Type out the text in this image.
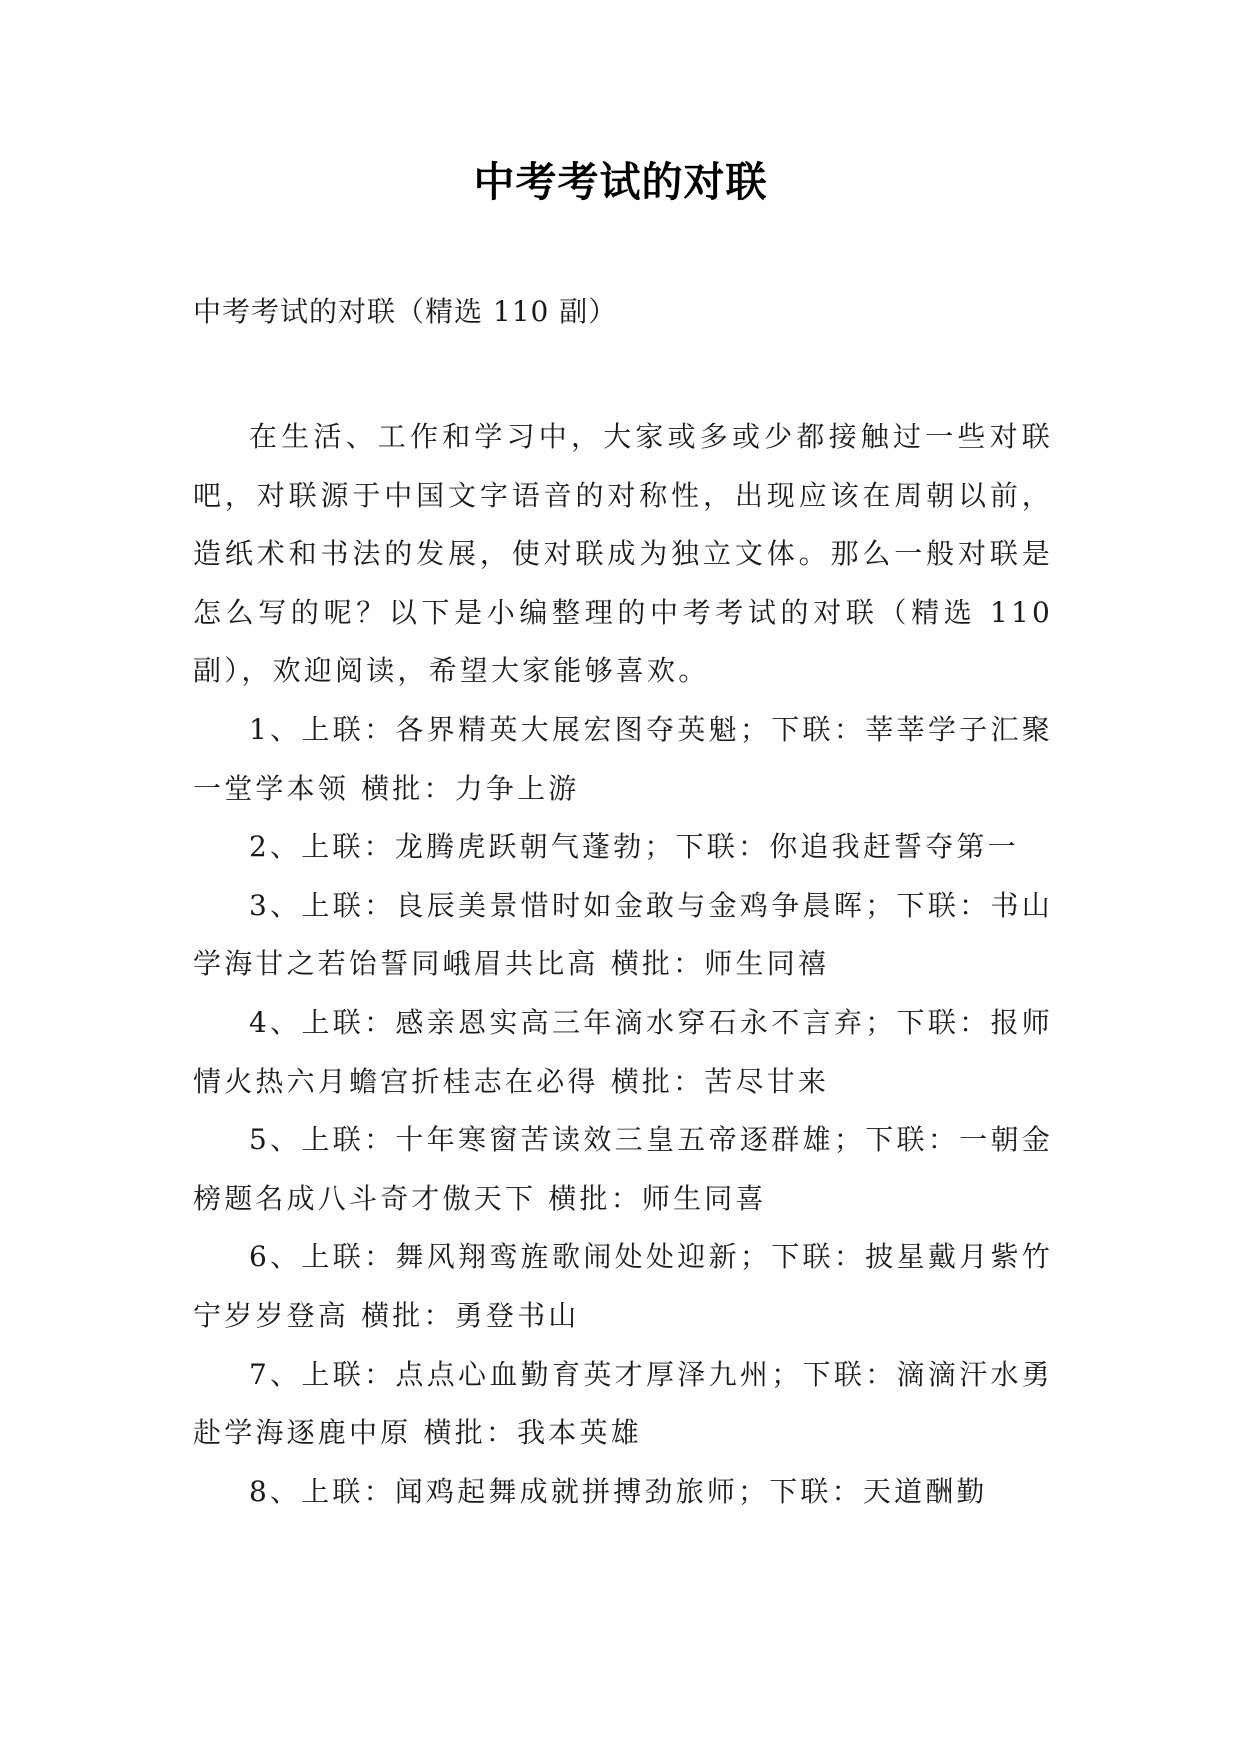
中考考试的对联
中考考试的对联（精选 110 副）

在生活、工作和学习中，大家或多或少都接触过一些对联吧，对联源于中国文字语音的对称性，出现应该在周朝以前，造纸术和书法的发展，使对联成为独立文体。那么一般对联是怎么写的呢？以下是小编整理的中考考试的对联（精选 110 副），欢迎阅读，希望大家能够喜欢。

1、上联：各界精英大展宏图夺英魁；下联：莘莘学子汇聚一堂学本领 横批：力争上游

2、上联：龙腾虎跃朝气蓬勃；下联：你追我赶誓夺第一

3、上联：良辰美景惜时如金敢与金鸡争晨晖；下联：书山学海甘之若饴誓同峨眉共比高 横批：师生同禧

4、上联：感亲恩实高三年滴水穿石永不言弃；下联：报师情火热六月蟾宫折桂志在必得 横批：苦尽甘来

5、上联：十年寒窗苦读效三皇五帝逐群雄；下联：一朝金榜题名成八斗奇才傲天下 横批：师生同喜

6、上联：舞风翔鸾旌歌闹处处迎新；下联：披星戴月紫竹宁岁岁登高 横批：勇登书山

7、上联：点点心血勤育英才厚泽九州；下联：滴滴汗水勇赴学海逐鹿中原 横批：我本英雄

8、上联：闻鸡起舞成就拼搏劲旅师；下联：天道酬勤
